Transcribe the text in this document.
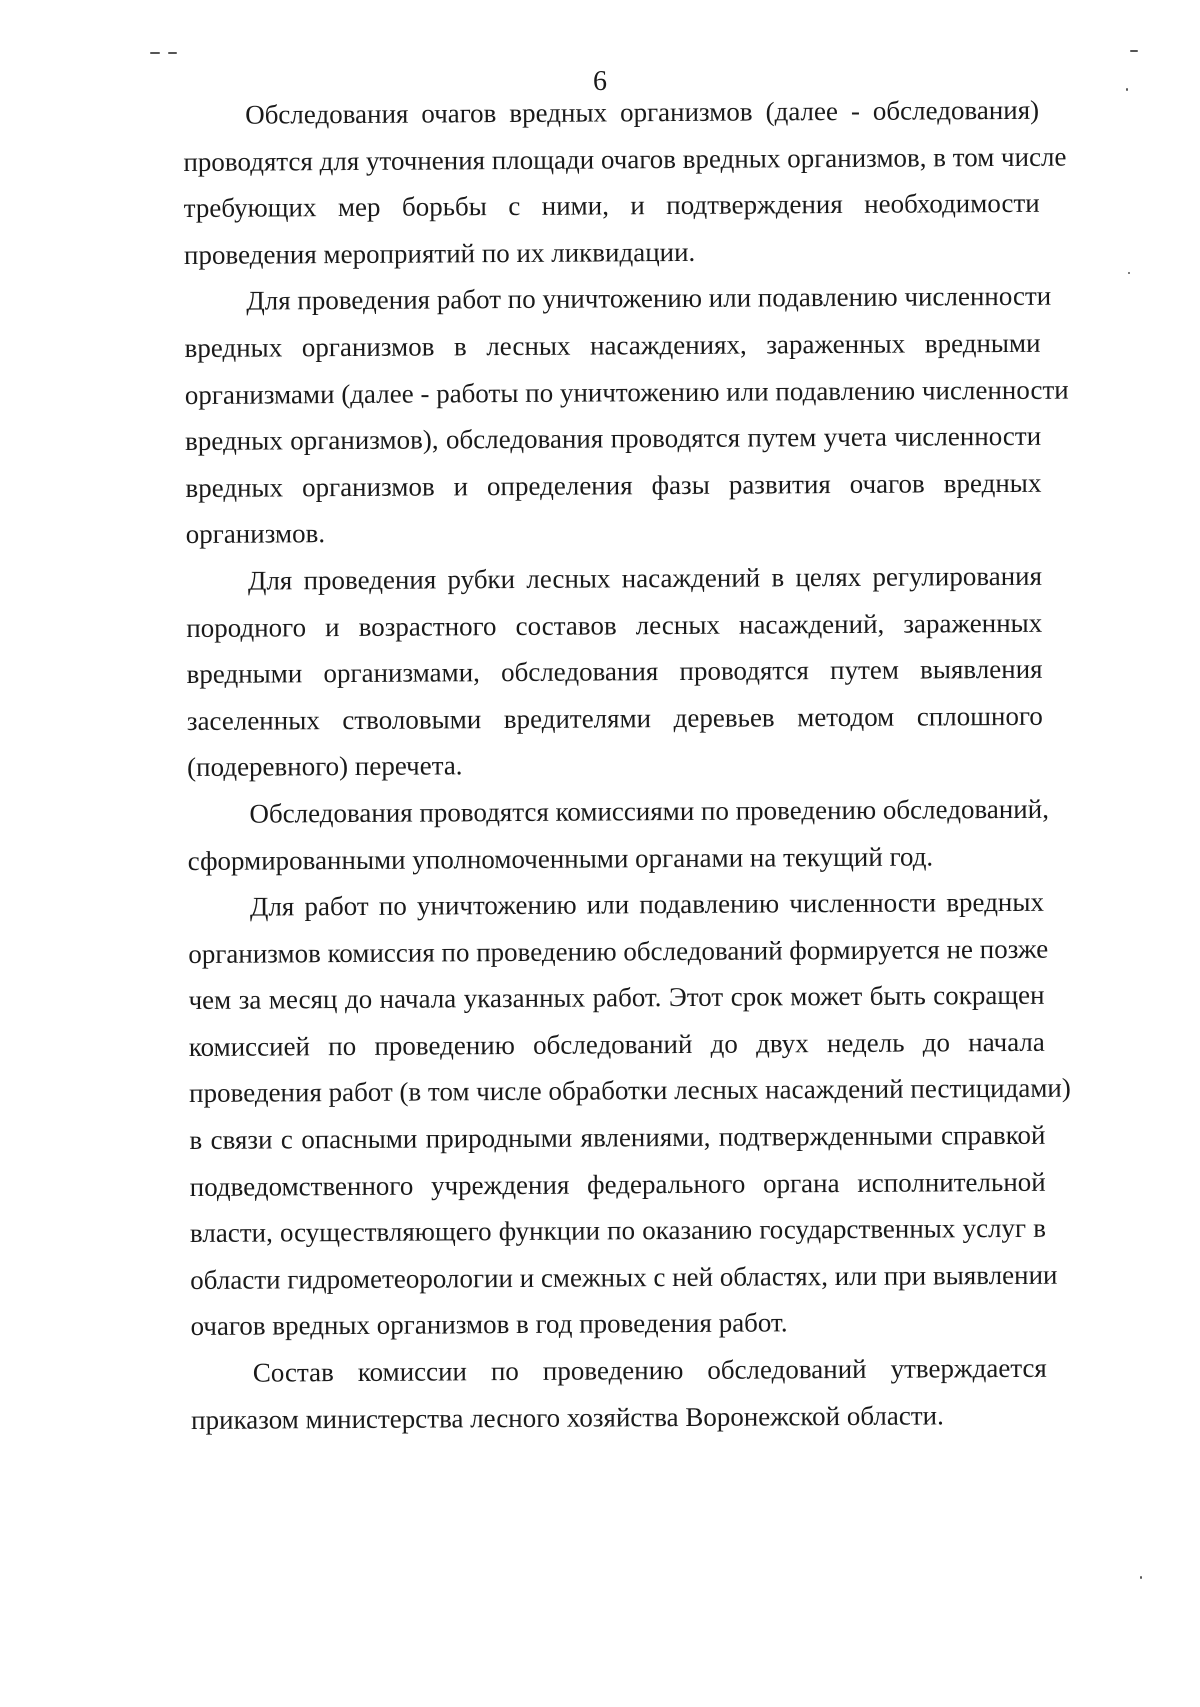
6
Обследования очагов вредных организмов (далее - обследования)
проводятся для уточнения площади очагов вредных организмов, в том числе
требующих мер борьбы с ними, и подтверждения необходимости
проведения мероприятий по их ликвидации.
Для проведения работ по уничтожению или подавлению численности
вредных организмов в лесных насаждениях, зараженных вредными
организмами (далее - работы по уничтожению или подавлению численности
вредных организмов), обследования проводятся путем учета численности
вредных организмов и определения фазы развития очагов вредных
организмов.
Для проведения рубки лесных насаждений в целях регулирования
породного и возрастного составов лесных насаждений, зараженных
вредными организмами, обследования проводятся путем выявления
заселенных стволовыми вредителями деревьев методом сплошного
(подеревного) перечета.
Обследования проводятся комиссиями по проведению обследований,
сформированными уполномоченными органами на текущий год.
Для работ по уничтожению или подавлению численности вредных
организмов комиссия по проведению обследований формируется не позже
чем за месяц до начала указанных работ. Этот срок может быть сокращен
комиссией по проведению обследований до двух недель до начала
проведения работ (в том числе обработки лесных насаждений пестицидами)
в связи с опасными природными явлениями, подтвержденными справкой
подведомственного учреждения федерального органа исполнительной
власти, осуществляющего функции по оказанию государственных услуг в
области гидрометеорологии и смежных с ней областях, или при выявлении
очагов вредных организмов в год проведения работ.
Состав комиссии по проведению обследований утверждается
приказом министерства лесного хозяйства Воронежской области.
